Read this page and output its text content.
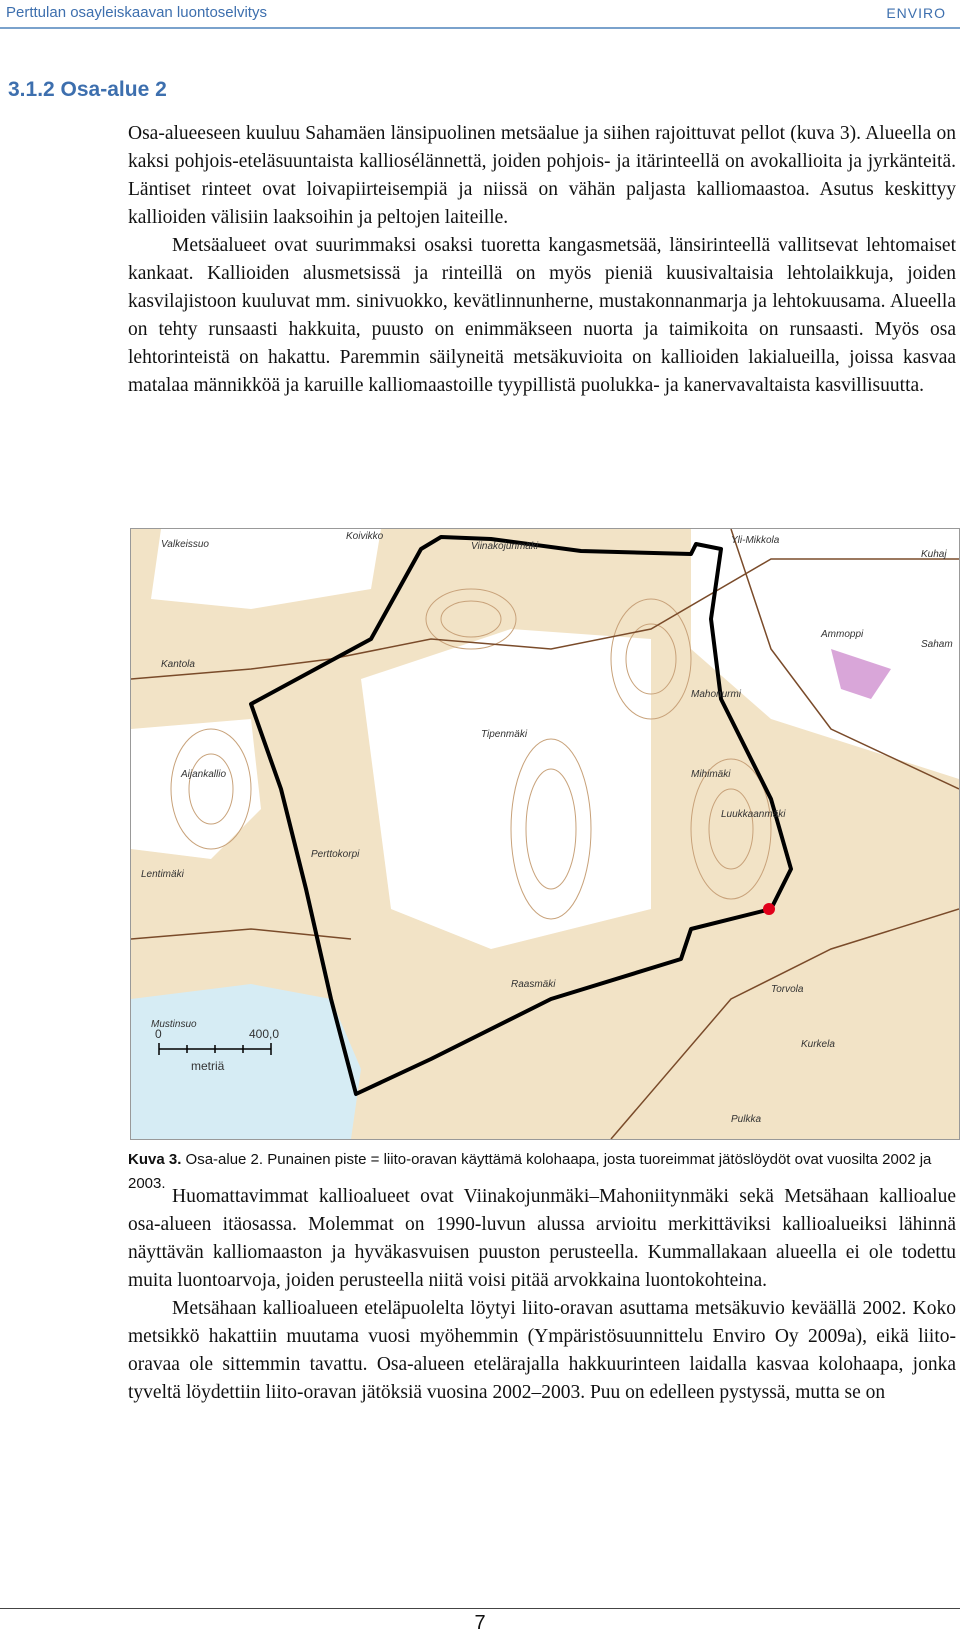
Perttulan osayleiskaavan luontoselvitys	ENVIRO
3.1.2 Osa-alue 2

Osa-alueeseen kuuluu Sahamäen länsipuolinen metsäalue ja siihen rajoittuvat pellot (kuva 3). Alueella on kaksi pohjois-eteläsuuntaista kalliosélännettä, joiden pohjois- ja itärinteellä on avokallioita ja jyrkänteitä. Läntiset rinteet ovat loivapiirteisempiä ja niissä on vähän paljasta kalliomaastoa. Asutus keskittyy kallioiden välisiin laaksoihin ja peltojen laiteille.

Metsäalueet ovat suurimmaksi osaksi tuoretta kangasmetsää, länsirinteellä vallitsevat lehtomaiset kankaat. Kallioiden alusmetsissä ja rinteillä on myös pieniä kuusivaltaisia lehtolaikkuja, joiden kasvilajistoon kuuluvat mm. sinivuokko, kevätlinnunherne, mustakonnanmarja ja lehtokuusama. Alueella on tehty runsaasti hakkuita, puusto on enimmäkseen nuorta ja taimikoita on runsaasti. Myös osa lehtorinteistä on hakattu. Paremmin säilyneitä metsäkuvioita on kallioiden lakialueilla, joissa kasvaa matalaa männikköä ja karuille kalliomaastoille tyypillistä puolukka- ja kanervavaltaista kasvillisuutta.

Valkeissuo
Koivikko
Viinakojunmäki
Yli-Mikkola
Kuhaj
Saham
Ammoppi
Kantola
Mahonurmi
Tipenmäki
Aijankallio	Mihimäki
Luukkaanmäki
Perttokorpi
Lentimäki
Raasmäki
Mustinsuo
Torvola
Kurkela
Pulkka
0	400,0
metriä
Kuva 3. Osa-alue 2. Punainen piste = liito-oravan käyttämä kolohaapa, josta tuoreimmat jätöslöydöt ovat vuosilta 2002 ja 2003.

Huomattavimmat kallioalueet ovat Viinakojunmäki–Mahoniitynmäki sekä Metsähaan kallioalue osa-alueen itäosassa. Molemmat on 1990-luvun alussa arvioitu merkittäviksi kallioalueiksi lähinnä näyttävän kalliomaaston ja hyväkasvuisen puuston perusteella. Kummallakaan alueella ei ole todettu muita luontoarvoja, joiden perusteella niitä voisi pitää arvokkaina luontokohteina.

Metsähaan kallioalueen eteläpuolelta löytyi liito-oravan asuttama metsäkuvio keväällä 2002. Koko metsikkö hakattiin muutama vuosi myöhemmin (Ympäristösuunnittelu Enviro Oy 2009a), eikä liito-oravaa ole sittemmin tavattu. Osa-alueen etelärajalla hakkuurinteen laidalla kasvaa kolohaapa, jonka tyveltä löydettiin liito-oravan jätöksiä vuosina 2002–2003. Puu on edelleen pystyssä, mutta se on

7
